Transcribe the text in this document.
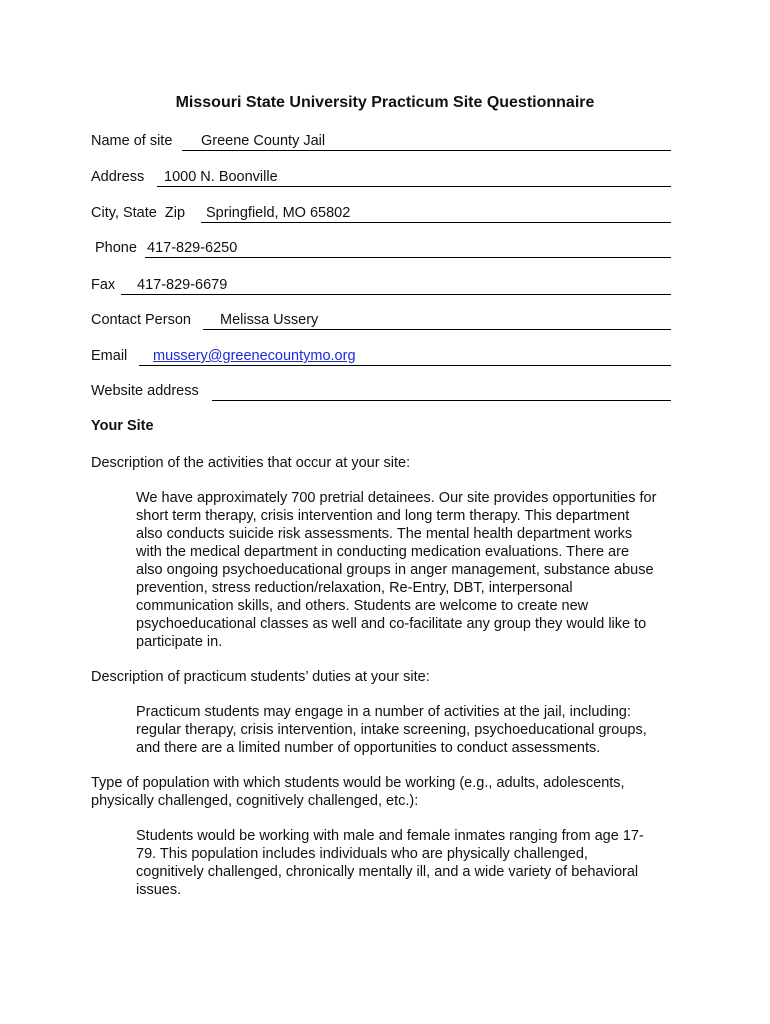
Missouri State University Practicum Site Questionnaire
Name of site Greene County Jail
Address 1000 N. Boonville
City, State  Zip Springfield, MO 65802
Phone 417-829-6250
Fax 417-829-6679
Contact Person Melissa Ussery
Email mussery@greenecountymo.org
Website address
Your Site
Description of the activities that occur at your site:
We have approximately 700 pretrial detainees. Our site provides opportunities for
short term therapy, crisis intervention and long term therapy. This department
also conducts suicide risk assessments. The mental health department works
with the medical department in conducting medication evaluations. There are
also ongoing psychoeducational groups in anger management, substance abuse
prevention, stress reduction/relaxation, Re-Entry, DBT, interpersonal
communication skills, and others. Students are welcome to create new
psychoeducational classes as well and co-facilitate any group they would like to
participate in.
Description of practicum students’ duties at your site:
Practicum students may engage in a number of activities at the jail, including:
regular therapy, crisis intervention, intake screening, psychoeducational groups,
and there are a limited number of opportunities to conduct assessments.
Type of population with which students would be working (e.g., adults, adolescents,
physically challenged, cognitively challenged, etc.):
Students would be working with male and female inmates ranging from age 17-
79. This population includes individuals who are physically challenged,
cognitively challenged, chronically mentally ill, and a wide variety of behavioral
issues.
